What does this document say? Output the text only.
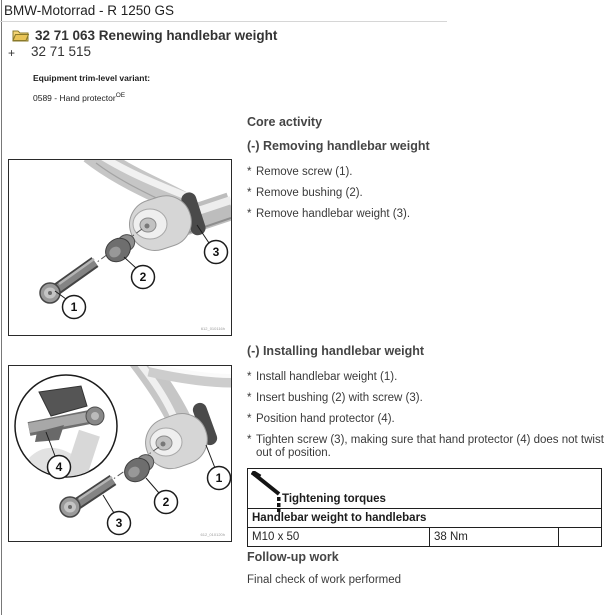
BMW-Motorrad - R 1250 GS
32 71 063 Renewing handlebar weight
+ 32 71 515
Equipment trim-level variant:
0589 - Hand protector$^{OE}$
1
2
3
612_010116h
4
1
2
3
612_010120h
Core activity
(-) Removing handlebar weight
* Remove screw (1).
* Remove bushing (2).
* Remove handlebar weight (3).
(-) Installing handlebar weight
* Install handlebar weight (1).
* Insert bushing (2) with screw (3).
* Position hand protector (4).
* Tighten screw (3), making sure that hand protector (4) does not twist out of position.
Tightening torques
Handlebar weight to handlebars
M10 x 50	38 Nm
Follow-up work
Final check of work performed
